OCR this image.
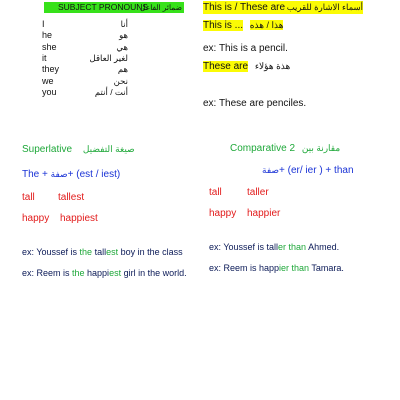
SUBJECT PRONOUNS
ضمائر الفاعل
I	أنا
he	هو
she	هي
it	لغير العاقل
they	هم
we	نحن
you	أنت / أنتم
This is / These are أسماء الاشارة للقريب
This is ... هذا / هذه
ex: This is a pencil.
These are هذة هؤلاء
ex: These are penciles.
Superlative صيغة التفضيل
The + صفة+ (est / iest)
tall tallest
happy happiest
ex: Youssef is the tallest boy in the class
ex: Reem is the happiest girl in the world.
Comparative 2 مقارنة بين
صفة+ (er/ ier ) + than
tall	taller
happy happier
ex: Youssef is taller than Ahmed.
ex: Reem is happier than Tamara.
